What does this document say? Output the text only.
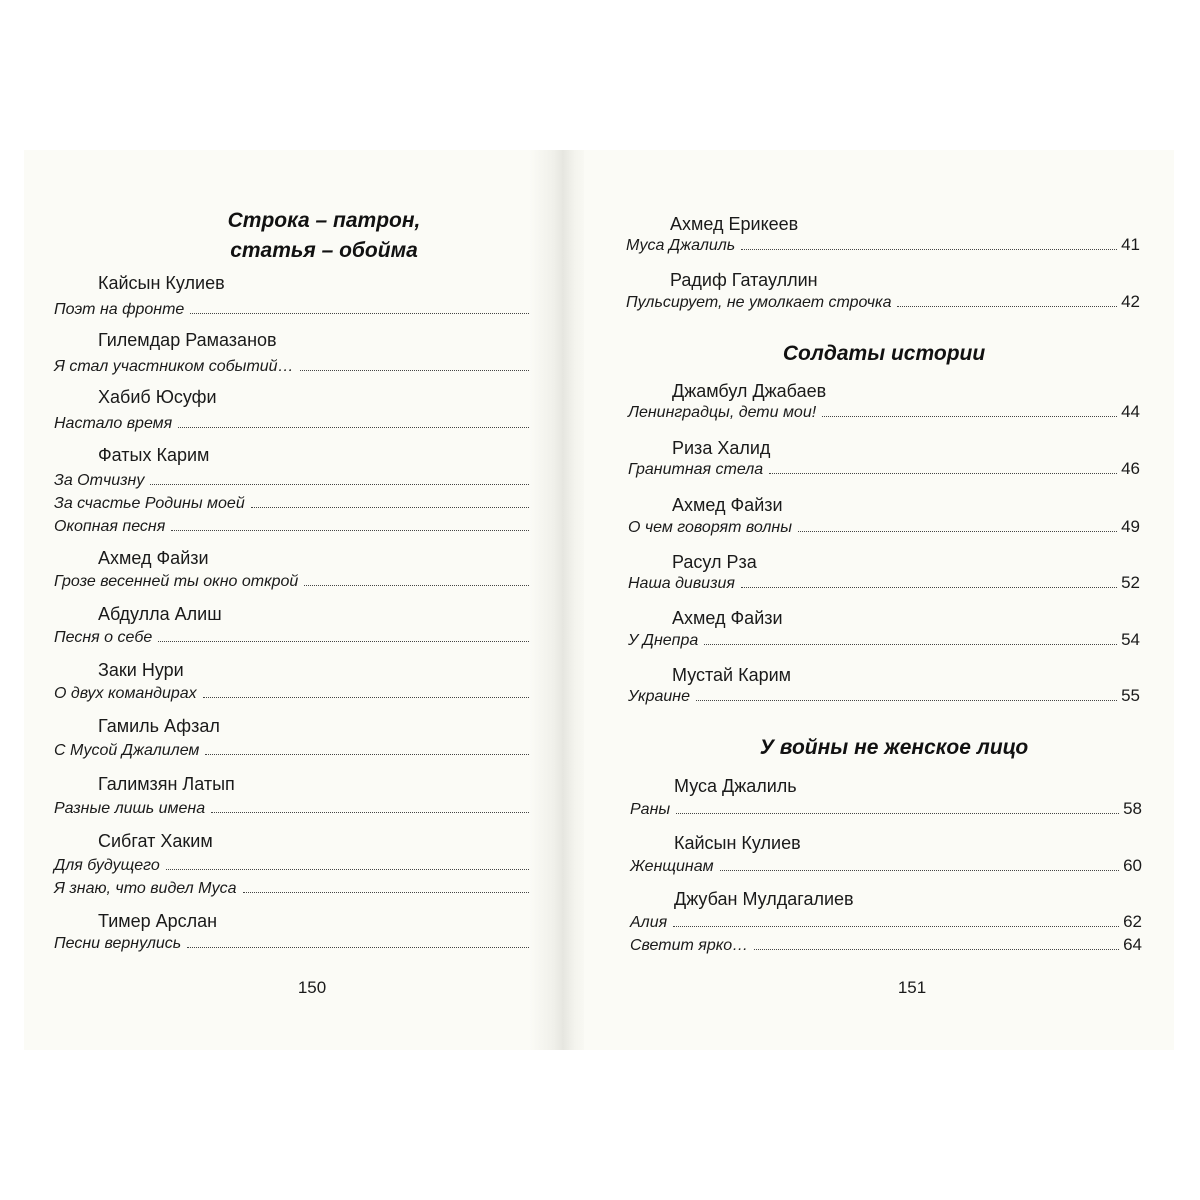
Строка – патрон,
статья – обойма
Кайсын Кулиев
Поэт на фронте
Гилемдар Рамазанов
Я стал участником событий…
Хабиб Юсуфи
Настало время
Фатых Карим
За Отчизну
За счастье Родины моей
Окопная песня
Ахмед Файзи
Грозе весенней ты окно открой
Абдулла Алиш
Песня о себе
Заки Нури
О двух командирах
Гамиль Афзал
С Мусой Джалилем
Галимзян Латып
Разные лишь имена
Сибгат Хаким
Для будущего
Я знаю, что видел Муса
Тимер Арслан
Песни вернулись
150
Ахмед Ерикеев
Муса Джалиль	41
Радиф Гатауллин
Пульсирует, не умолкает строчка	42
Солдаты истории
Джамбул Джабаев
Ленинградцы, дети мои!	44
Риза Халид
Гранитная стела	46
Ахмед Файзи
О чем говорят волны	49
Расул Рза
Наша дивизия	52
Ахмед Файзи
У Днепра	54
Мустай Карим
Украине	55
У войны не женское лицо
Муса Джалиль
Раны	58
Кайсын Кулиев
Женщинам	60
Джубан Мулдагалиев
Алия	62
Светит ярко…	64
151
